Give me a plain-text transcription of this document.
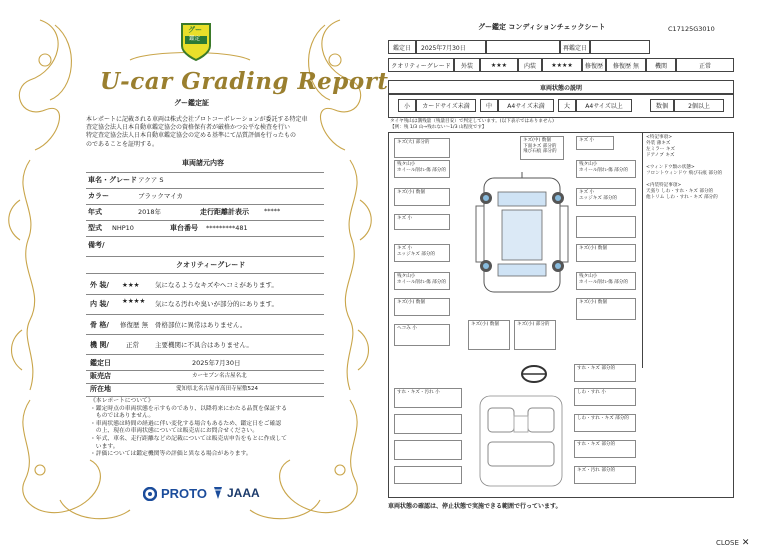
グー
鑑定
U-car Grading Report
グー鑑定証
本レポートに記載される車両は株式会社プロトコーポレーションが委託する特定車
査定協会法人日本自動車鑑定協会の資格保有者が厳格かつ公平な検査を行い
特定査定協会法人日本自動車鑑定協会の定める基準にて品質評価を行ったもの
のであることを証明する。
車両諸元内容
車名・グレード アクア S
カラー	ブラックマイカ
年式	2018年	走行距離計表示 *****
型式 NHP10	車台番号 *********481
備考/
クオリティーグレード
外 装/ ★★★ 気になるようなキズやヘコミがあります。
内 装/ ★★★★ 気になる汚れや臭いが部分的にあります。
骨 格/ 修復歴 無 骨格部位に異常はありません。
機 関/	正常 主要機関に不具合はありません。
鑑定日	2025年7月30日
販売店	カーセブン名古屋名北
所在地	愛知県北名古屋市高田寺屋敷524
《本レポートについて》
・鑑定時点の車両状態を示すものであり、以降将来にわたる品質を保証する
　ものではありません。
・車両状態は時間の経過に伴い変化する場合もあるため、鑑定日をご確認
　の上、現在の車両状態については販売店にお問合せください。
・年式、車名、走行距離などの記載については販売店申告をもとに作成して
　います。
・評価については鑑定機関等の評価と異なる場合があります。
PROTO JAAA
グー鑑定 コンディションチェックシート	C17125G3010
鑑定日	2025年7月30日	再鑑定日
クオリティーグレード	外装	★★★	内装	★★★★	修復歴	修復歴 無	機関	正常
車両状態の説明
小	カードサイズ未満	中	A4サイズ未満	大	A4サイズ以上	数個	2個以上
タイヤ残山は溝残量（残量目安）で判定しています。(以下表示ではありません)
【例：残 1/3 山→残れない～1/3 山程度です】
<特記事項>
外装 薄キズ
左ミラー キズ
ドアノブ キズ

<ウィンドウ類の状態>
フロントウィンドウ 飛び石痕 部分的

<内装特記事項>
天張り しわ・すれ・キズ 部分的
他トリム しわ・すれ・キズ 部分的
キズ(大) 部分的
残タ山小
ホイール削れ-傷 部分的
キズ(小) 数個
キズ 小
キズ 小
エッジキズ 部分的
残タ山小
ホイール削れ-傷 部分的
キズ(小) 数個
ヘコみ 小
キズ(中) 数個
下面キズ 部分的
飛び石痕 部分的
キズ 小
残タ山小
ホイール削れ-傷 部分的
キズ 小
エッジキズ 部分的
キズ(小) 数個
残タ山小
ホイール削れ-傷 部分的
キズ(小) 数個
キズ(小) 数個	キズ(小) 部分的
すれ・キズ・汚れ 小
すれ・キズ 部分的
しわ・すれ 小
しわ・すれ・キズ 部分的
すれ・キズ 部分的
キズ・汚れ 部分的
車両状態の確認は、停止状態で実施できる範囲で行っています。
CLOSE ✕
